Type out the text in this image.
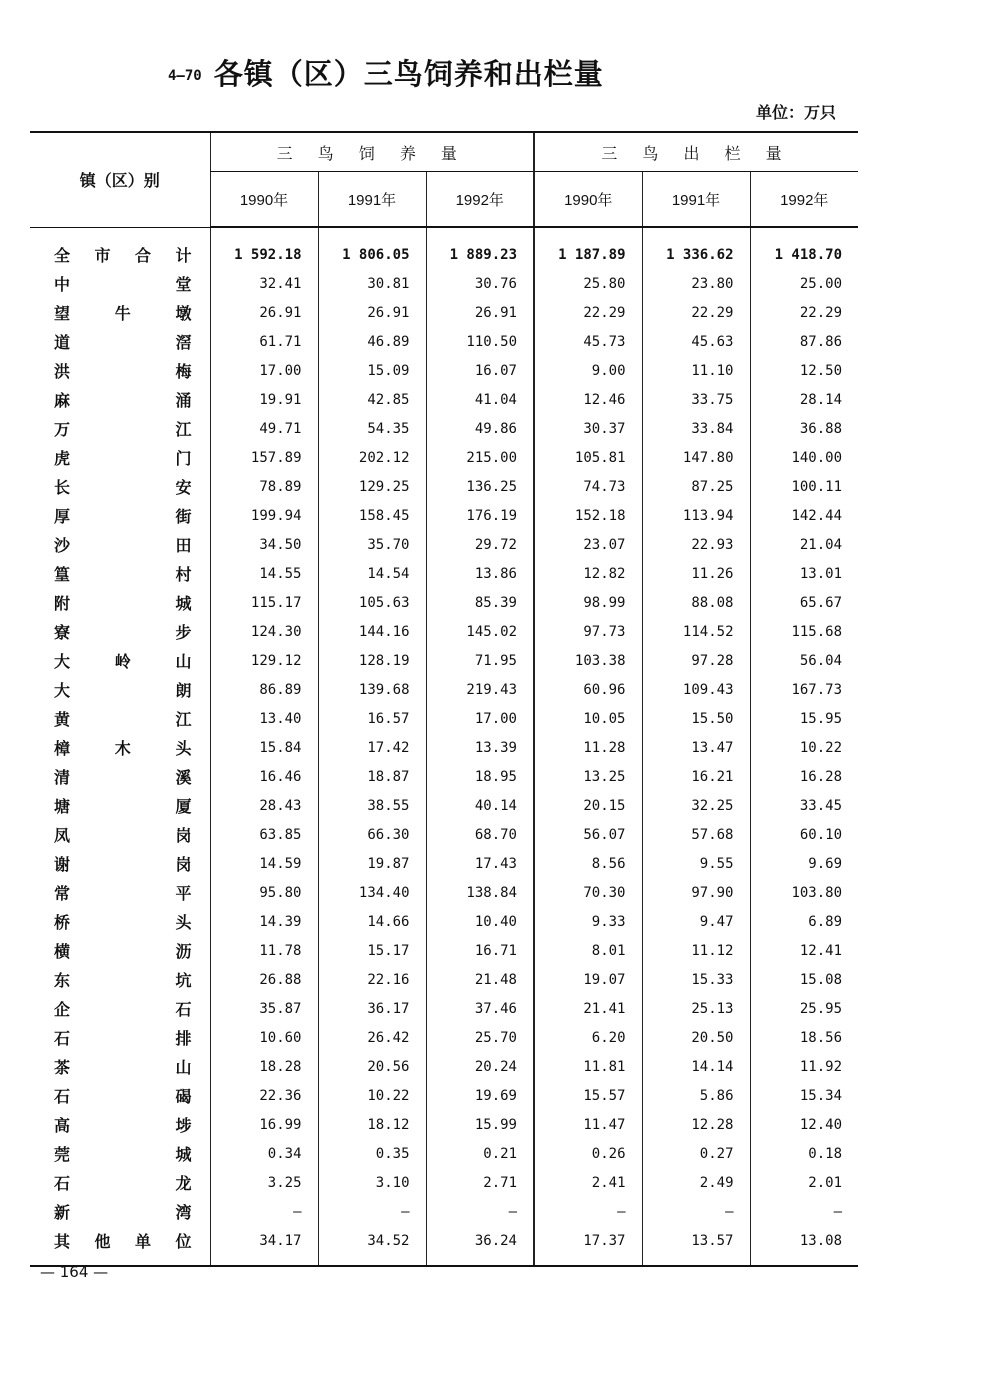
4—70 各镇（区）三鸟饲养和出栏量
单位：万只
镇（区）别	三 鸟 饲 养 量			三 鸟 出 栏 量		
	1990年	1991年	1992年	1990年	1991年	1992年

全 市 合 计	1 592.18	1 806.05	1 889.23	1 187.89	1 336.62	1 418.70

中 堂	32.41	30.81	30.76	25.80	23.80	25.00

望 牛 墩	26.91	26.91	26.91	22.29	22.29	22.29

道 滘	61.71	46.89	110.50	45.73	45.63	87.86

洪 梅	17.00	15.09	16.07	9.00	11.10	12.50

麻 涌	19.91	42.85	41.04	12.46	33.75	28.14

万 江	49.71	54.35	49.86	30.37	33.84	36.88

虎 门	157.89	202.12	215.00	105.81	147.80	140.00

长 安	78.89	129.25	136.25	74.73	87.25	100.11

厚 街	199.94	158.45	176.19	152.18	113.94	142.44

沙 田	34.50	35.70	29.72	23.07	22.93	21.04

篁 村	14.55	14.54	13.86	12.82	11.26	13.01

附 城	115.17	105.63	85.39	98.99	88.08	65.67

寮 步	124.30	144.16	145.02	97.73	114.52	115.68

大 岭 山	129.12	128.19	71.95	103.38	97.28	56.04

大 朗	86.89	139.68	219.43	60.96	109.43	167.73

黄 江	13.40	16.57	17.00	10.05	15.50	15.95

樟 木 头	15.84	17.42	13.39	11.28	13.47	10.22

清 溪	16.46	18.87	18.95	13.25	16.21	16.28

塘 厦	28.43	38.55	40.14	20.15	32.25	33.45

凤 岗	63.85	66.30	68.70	56.07	57.68	60.10

谢 岗	14.59	19.87	17.43	8.56	9.55	9.69

常 平	95.80	134.40	138.84	70.30	97.90	103.80

桥 头	14.39	14.66	10.40	9.33	9.47	6.89

横 沥	11.78	15.17	16.71	8.01	11.12	12.41

东 坑	26.88	22.16	21.48	19.07	15.33	15.08

企 石	35.87	36.17	37.46	21.41	25.13	25.95

石 排	10.60	26.42	25.70	6.20	20.50	18.56

茶 山	18.28	20.56	20.24	11.81	14.14	11.92

石 碣	22.36	10.22	19.69	15.57	5.86	15.34

高 埗	16.99	18.12	15.99	11.47	12.28	12.40

莞 城	0.34	0.35	0.21	0.26	0.27	0.18

石 龙	3.25	3.10	2.71	2.41	2.49	2.01

新 湾	—	—	—	—	—	—

其 他 单 位	34.17	34.52	36.24	17.37	13.57	13.08
— 164 —
